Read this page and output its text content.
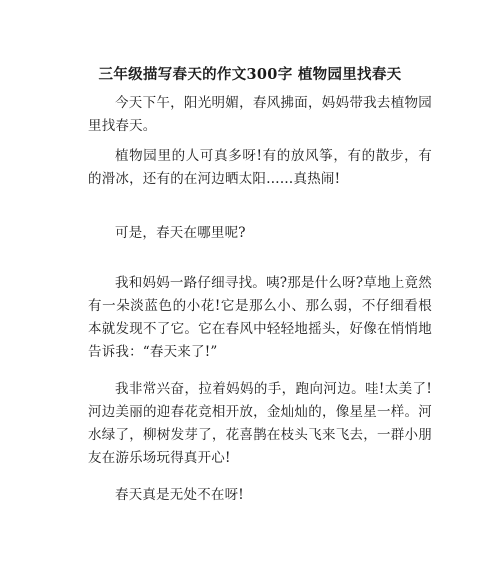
三年级描写春天的作文300字 植物园里找春天

今天下午，阳光明媚，春风拂面，妈妈带我去植物园里找春天。

植物园里的人可真多呀!有的放风筝，有的散步，有的滑冰，还有的在河边晒太阳……真热闹!

可是，春天在哪里呢?

我和妈妈一路仔细寻找。咦?那是什么呀?草地上竟然有一朵淡蓝色的小花!它是那么小、那么弱，不仔细看根本就发现不了它。它在春风中轻轻地摇头，好像在悄悄地告诉我：“春天来了!”

我非常兴奋，拉着妈妈的手，跑向河边。哇!太美了!河边美丽的迎春花竞相开放，金灿灿的，像星星一样。河水绿了，柳树发芽了，花喜鹊在枝头飞来飞去，一群小朋友在游乐场玩得真开心!

春天真是无处不在呀!
